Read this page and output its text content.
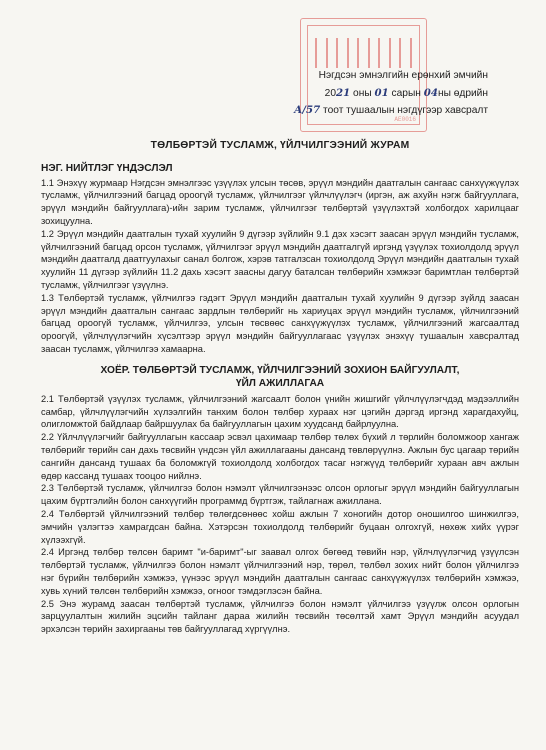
AE0016
Нэгдсэн эмнэлгийн ерөнхий эмчийн
2021 оны 01 сарын 04ны өдрийн
А/57 тоот тушаалын нэгдүгээр хавсралт
ТӨЛБӨРТЭЙ ТУСЛАМЖ, ҮЙЛЧИЛГЭЭНИЙ ЖУРАМ
НЭГ. НИЙТЛЭГ ҮНДЭСЛЭЛ

1.1 Энэхүү журмаар Нэгдсэн эмнэлгээс үзүүлэх улсын төсөв, эрүүл мэндийн даатгалын сангаас санхүүжүүлэх тусламж, үйлчилгээний багцад ороогүй тусламж, үйлчилгээг үйлчлүүлэгч (иргэн, аж ахуйн нэгж байгууллага, эрүүл мэндийн байгууллага)-ийн зарим тусламж, үйлчилгээг төлбөртэй үзүүлэхтэй холбогдох харилцааг зохицуулна.

1.2 Эрүүл мэндийн даатгалын тухай хуулийн 9 дүгээр зүйлийн 9.1 дэх хэсэгт заасан эрүүл мэндийн тусламж, үйлчилгээний багцад орсон тусламж, үйлчилгээг эрүүл мэндийн даатгалгүй иргэнд үзүүлэх тохиолдолд эрүүл мэндийн даатгалд даатгуулахыг санал болгож, хэрэв татгалзсан тохиолдолд Эрүүл мэндийн даатгалын тухай хуулийн 11 дүгээр зүйлийн 11.2 дахь хэсэгт заасны дагуу баталсан төлбөрийн хэмжээг баримтлан төлбөртэй тусламж, үйлчилгээг үзүүлнэ.

1.3 Төлбөртэй тусламж, үйлчилгээ гэдэгт Эрүүл мэндийн даатгалын тухай хуулийн 9 дүгээр зүйлд заасан эрүүл мэндийн даатгалын сангаас зардлын төлбөрийг нь хариуцах эрүүл мэндийн тусламж, үйлчилгээний багцад ороогүй тусламж, үйлчилгээ, улсын төсвөөс санхүүжүүлэх тусламж, үйлчилгээний жагсаалтад ороогүй, үйлчлүүлэгчийн хүсэлтээр эрүүл мэндийн байгууллагаас үзүүлэх энэхүү тушаалын хавсралтад заасан тусламж, үйлчилгээ хамаарна.

ХОЁР. ТӨЛБӨРТЭЙ ТУСЛАМЖ, ҮЙЛЧИЛГЭЭНИЙ ЗОХИОН БАЙГУУЛАЛТ,
ҮЙЛ АЖИЛЛАГАА

2.1 Төлбөртэй үзүүлэх тусламж, үйлчилгээний жагсаалт болон үнийн жишгийг үйлчлүүлэгчдэд мэдээллийн самбар, үйлчлүүлэгчийн хүлээлгийн танхим болон төлбөр хураах нэг цэгийн дэргэд иргэнд харагдахуйц, олигломжтой байдлаар байршуулах ба байгууллагын цахим хуудсанд байрлуулна.

2.2 Үйлчлүүлэгчийг байгууллагын кассаар эсвэл цахимаар төлбөр төлөх бүхий л төрлийн боломжоор хангаж төлбөрийг төрийн сан дахь төсвийн үндсэн үйл ажиллагааны дансанд төвлөрүүлнэ. Ажлын бус цагаар төрийн сангийн дансанд тушаах ба боломжгүй тохиолдолд холбогдох тасаг нэгжүүд төлбөрийг хураан авч ажлын өдөр кассанд тушаах тооцоо нийлнэ.

2.3 Төлбөртэй тусламж, үйлчилгээ болон нэмэлт үйлчилгээнээс олсон орлогыг эрүүл мэндийн байгууллагын цахим бүртгэлийн болон санхүүгийн программд бүртгэж, тайлагнаж ажиллана.

2.4 Төлбөртэй үйлчилгээний төлбөр төлөгдсөнөөс хойш ажлын 7 хоногийн дотор оношилгоо шинжилгээ, эмчийн үзлэгтээ хамрагдсан байна. Хэтэрсэн тохиолдолд төлбөрийг буцаан олгохгүй, нөхөж хийх үүрэг хүлээхгүй.

2.4 Иргэнд төлбөр төлсөн баримт "и-баримт"-ыг заавал олгох бөгөөд төвийн нэр, үйлчлүүлэгчид үзүүлсэн төлбөртэй тусламж, үйлчилгээ болон нэмэлт үйлчилгээний нэр, төрөл, төлбөл зохих нийт болон үйлчилгээ нэг бүрийн төлбөрийн хэмжээ, үүнээс эрүүл мэндийн даатгалын сангаас санхүүжүүлэх төлбөрийн хэмжээ, хувь хүний төлсөн төлбөрийн хэмжээ, огноог тэмдэглэсэн байна.

2.5 Энэ журамд заасан төлбөртэй тусламж, үйлчилгээ болон нэмэлт үйлчилгээ үзүүлж олсон орлогын зарцуулалтын жилийн эцсийн тайланг дараа жилийн төсвийн төсөлтэй хамт Эрүүл мэндийн асуудал эрхэлсэн төрийн захиргааны төв байгууллагад хүргүүлнэ.
